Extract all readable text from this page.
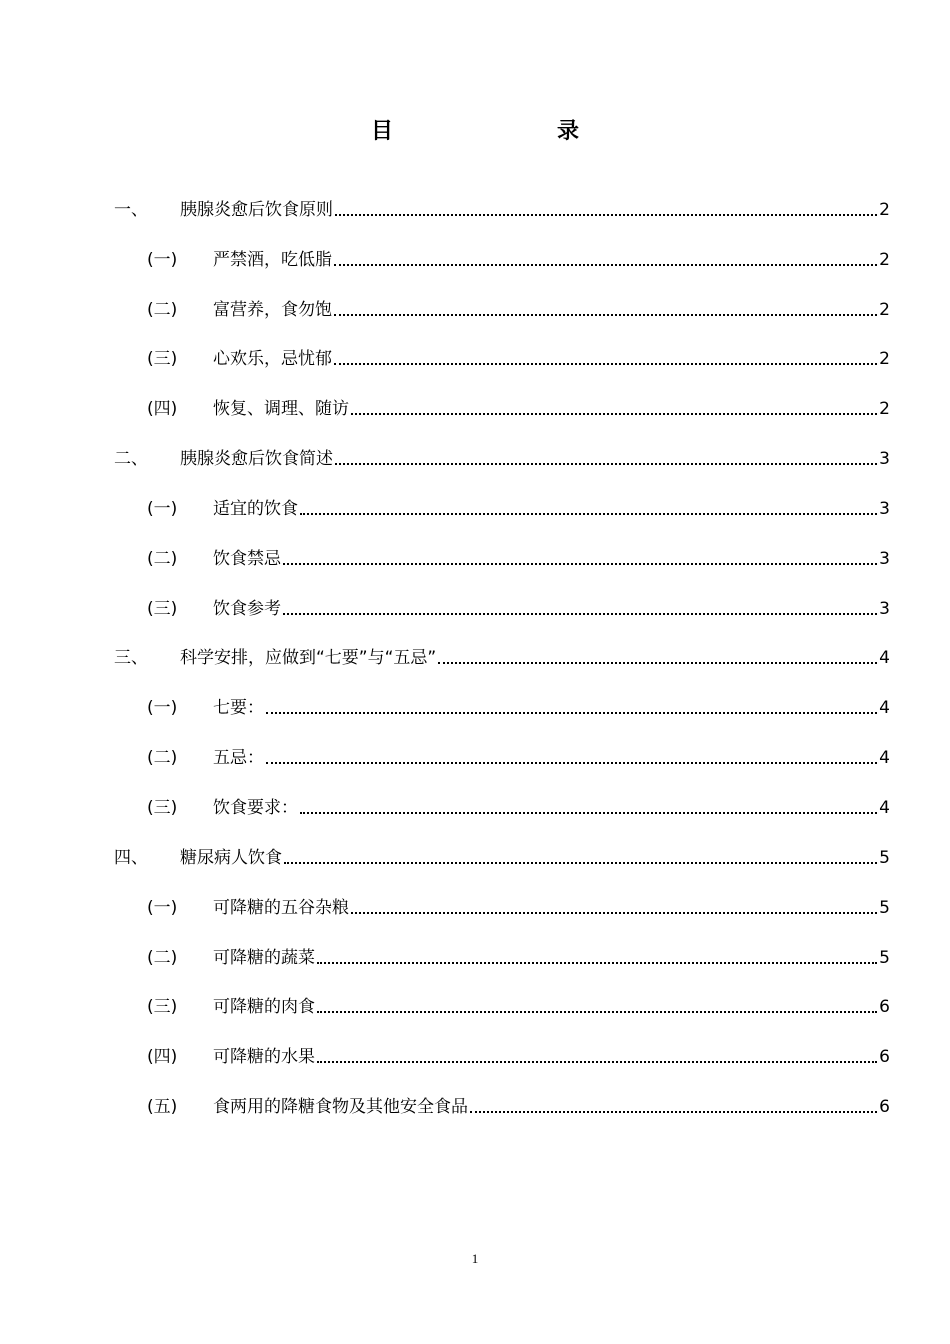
目	录
一、	胰腺炎愈后饮食原则	2
(一)	严禁酒，吃低脂	2
(二)	富营养，食勿饱	2
(三)	心欢乐，忌忧郁	2
(四)	恢复、调理、随访	2
二、	胰腺炎愈后饮食简述	3
(一)	适宜的饮食	3
(二)	饮食禁忌	3
(三)	饮食参考	3
三、	科学安排，应做到“七要”与“五忌”	4
(一)	七要：	4
(二)	五忌：	4
(三)	饮食要求：	4
四、	糖尿病人饮食	5
(一)	可降糖的五谷杂粮	5
(二)	可降糖的蔬菜	5
(三)	可降糖的肉食	6
(四)	可降糖的水果	6
(五)	食两用的降糖食物及其他安全食品	6
1
